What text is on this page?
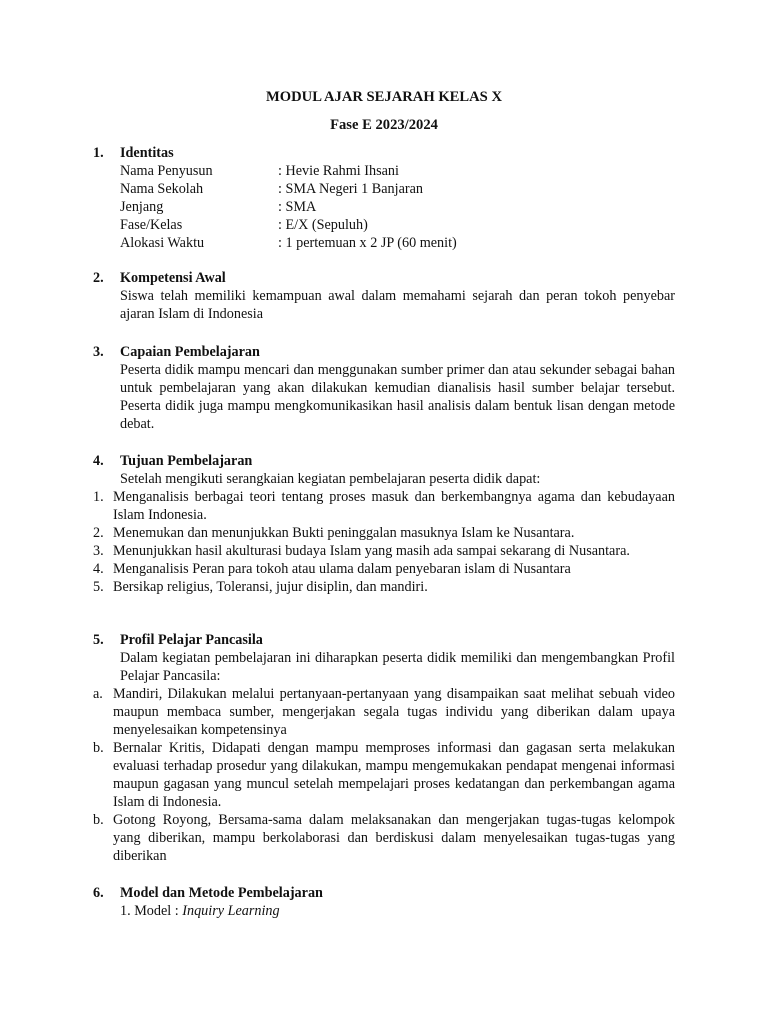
MODUL AJAR SEJARAH KELAS X
Fase E 2023/2024
1. Identitas
Nama Penyusun	: Hevie Rahmi Ihsani
Nama Sekolah	: SMA Negeri 1 Banjaran
Jenjang	: SMA
Fase/Kelas	: E/X (Sepuluh)
Alokasi Waktu	: 1 pertemuan x 2 JP (60 menit)
2. Kompetensi Awal
Siswa telah memiliki kemampuan awal dalam memahami sejarah dan peran tokoh penyebar ajaran Islam di Indonesia
3. Capaian Pembelajaran
Peserta didik mampu mencari dan menggunakan sumber primer dan atau sekunder sebagai bahan untuk pembelajaran yang akan dilakukan kemudian dianalisis hasil sumber belajar tersebut. Peserta didik juga mampu mengkomunikasikan hasil analisis dalam bentuk lisan dengan metode debat.
4. Tujuan Pembelajaran
Setelah mengikuti serangkaian kegiatan pembelajaran peserta didik dapat:
1. Menganalisis berbagai teori tentang proses masuk dan berkembangnya agama dan kebudayaan Islam Indonesia.
2. Menemukan dan menunjukkan Bukti peninggalan masuknya Islam ke Nusantara.
3. Menunjukkan hasil akulturasi budaya Islam yang masih ada sampai sekarang di Nusantara.
4. Menganalisis Peran para tokoh atau ulama dalam penyebaran islam di Nusantara
5. Bersikap religius, Toleransi, jujur disiplin, dan mandiri.
5. Profil Pelajar Pancasila
Dalam kegiatan pembelajaran ini diharapkan peserta didik memiliki dan mengembangkan Profil Pelajar Pancasila:
a. Mandiri, Dilakukan melalui pertanyaan-pertanyaan yang disampaikan saat melihat sebuah video maupun membaca sumber, mengerjakan segala tugas individu yang diberikan dalam upaya menyelesaikan kompetensinya
b. Bernalar Kritis, Didapati dengan mampu memproses informasi dan gagasan serta melakukan evaluasi terhadap prosedur yang dilakukan, mampu mengemukakan pendapat mengenai informasi maupun gagasan yang muncul setelah mempelajari proses kedatangan dan perkembangan agama Islam di Indonesia.
b. Gotong Royong, Bersama-sama dalam melaksanakan dan mengerjakan tugas-tugas kelompok yang diberikan, mampu berkolaborasi dan berdiskusi dalam menyelesaikan tugas-tugas yang diberikan
6. Model dan Metode Pembelajaran
1. Model : Inquiry Learning
